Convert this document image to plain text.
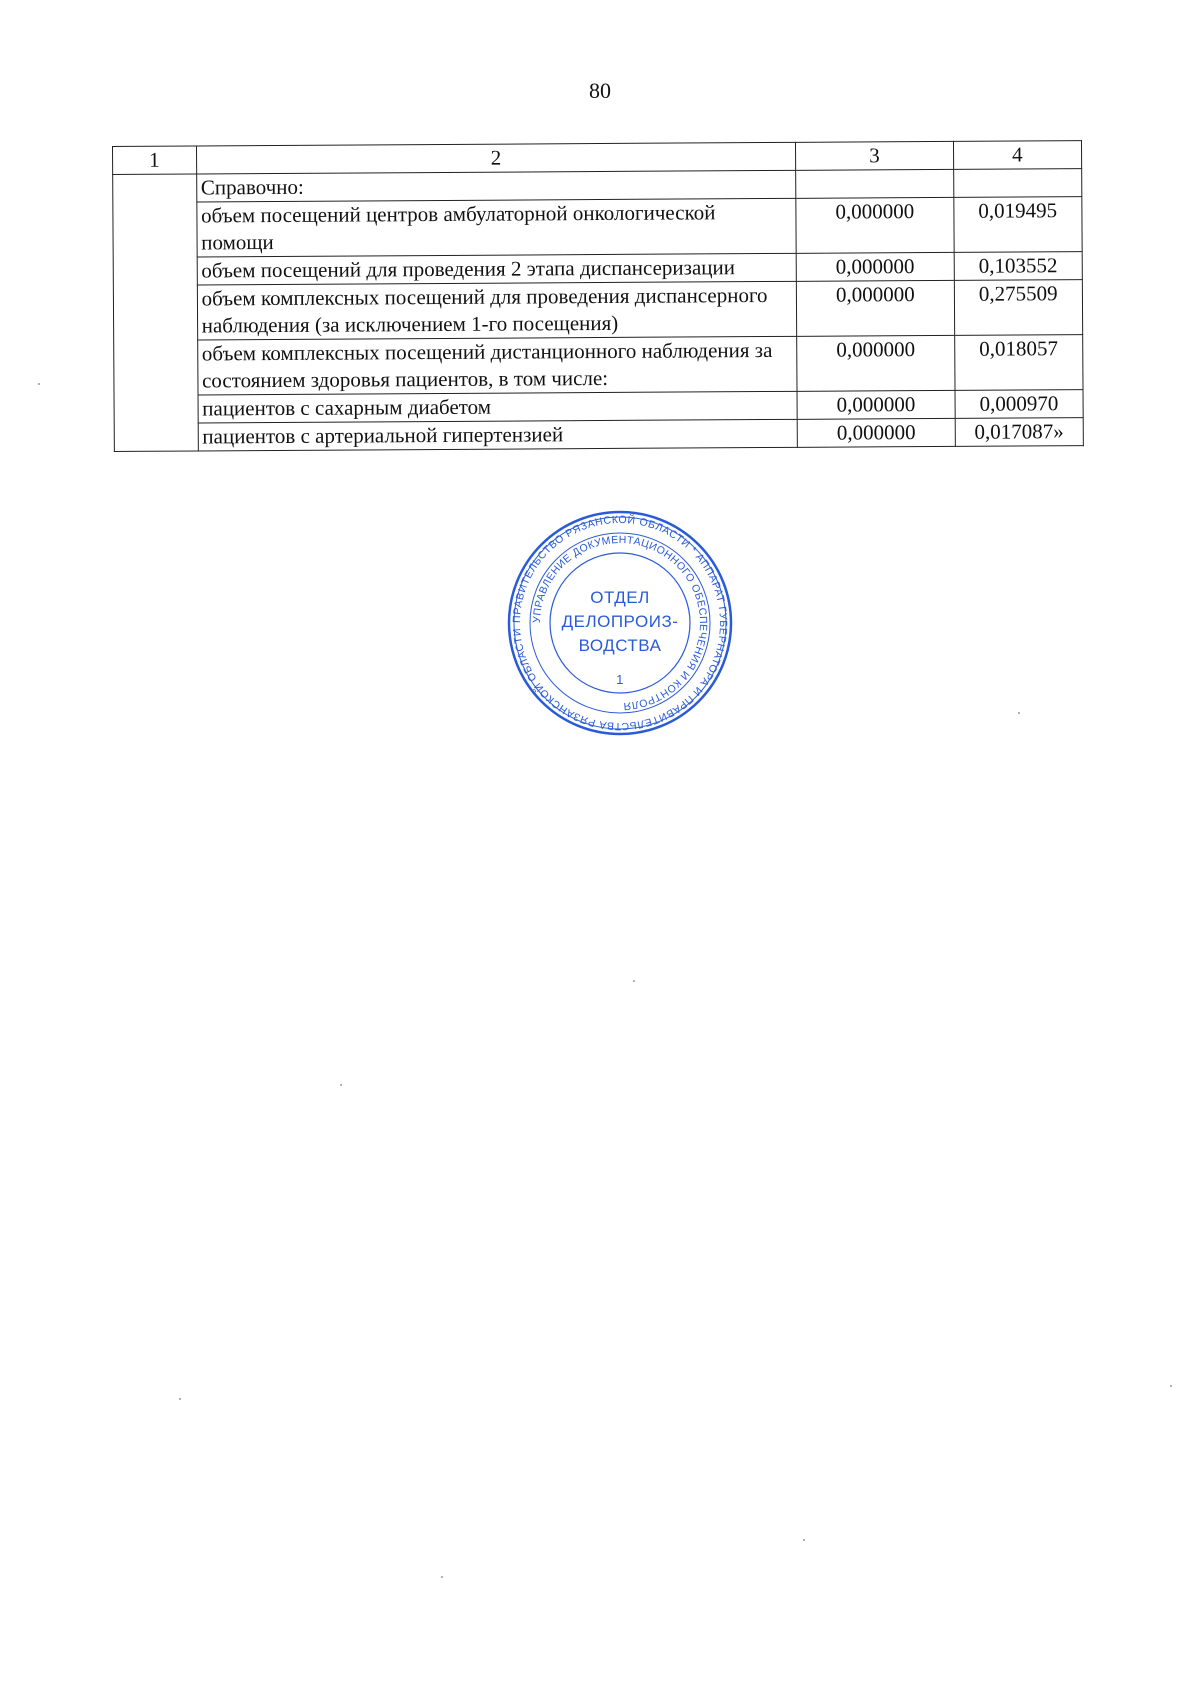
80
1	2	3	4
	Справочно:		
	объем посещений центров амбулаторной онкологической помощи	0,000000	0,019495
	объем посещений для проведения 2 этапа диспансеризации	0,000000	0,103552
	объем комплексных посещений для проведения диспансерного наблюдения (за исключением 1-го посещения)	0,000000	0,275509
	объем комплексных посещений дистанционного наблюдения за состоянием здоровья пациентов, в том числе:	0,000000	0,018057
	пациентов с сахарным диабетом	0,000000	0,000970
	пациентов с артериальной гипертензией	0,000000	0,017087»
ПРАВИТЕЛЬСТВО РЯЗАНСКОЙ ОБЛАСТИ * АППАРАТ ГУБЕРНАТОРА И ПРАВИТЕЛЬСТВА РЯЗАНСКОЙ ОБЛАСТИ
УПРАВЛЕНИЕ ДОКУМЕНТАЦИОННОГО ОБЕСПЕЧЕНИЯ И КОНТРОЛЯ
ОТДЕЛ
ДЕЛОПРОИЗ-
ВОДСТВА
1
